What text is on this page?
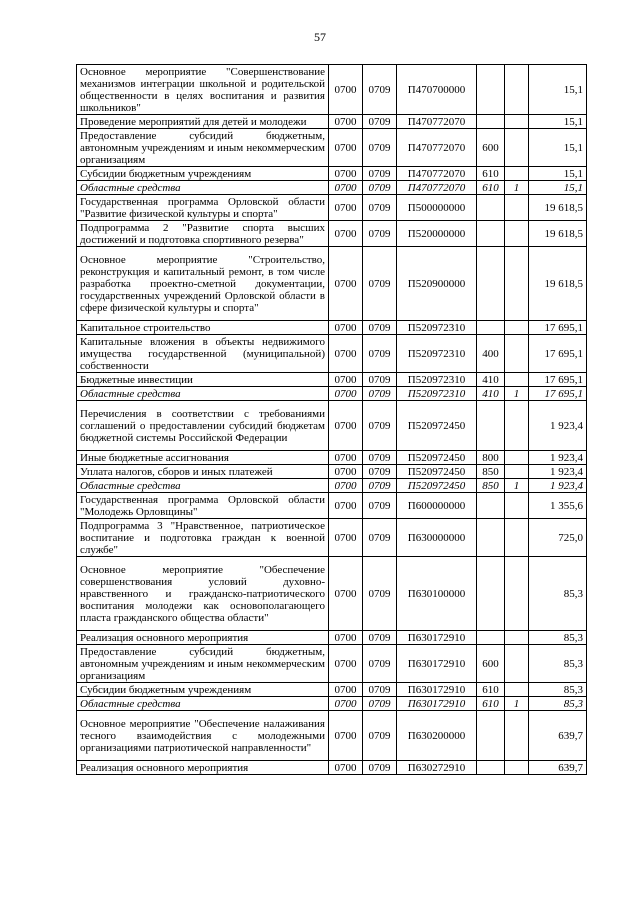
57
Основное мероприятие "Совершенствование механизмов интеграции школьной и родительской общественности в целях воспитания и развития школьников"	0700	0709	П470700000			15,1
Проведение мероприятий для детей и молодежи	0700	0709	П470772070			15,1
Предоставление субсидий бюджетным, автономным учреждениям и иным некоммерческим организациям	0700	0709	П470772070	600		15,1
Субсидии бюджетным учреждениям	0700	0709	П470772070	610		15,1
Областные средства	0700	0709	П470772070	610	1	15,1
Государственная программа Орловской области "Развитие физической культуры и спорта"	0700	0709	П500000000			19 618,5
Подпрограмма 2 "Развитие спорта высших достижений и подготовка спортивного резерва"	0700	0709	П520000000			19 618,5
Основное мероприятие "Строительство, реконструкция и капитальный ремонт, в том числе разработка проектно-сметной документации, государственных учреждений Орловской области в сфере физической культуры и спорта"	0700	0709	П520900000			19 618,5
Капитальное строительство	0700	0709	П520972310			17 695,1
Капитальные вложения в объекты недвижимого имущества государственной (муниципальной) собственности	0700	0709	П520972310	400		17 695,1
Бюджетные инвестиции	0700	0709	П520972310	410		17 695,1
Областные средства	0700	0709	П520972310	410	1	17 695,1
Перечисления в соответствии с требованиями соглашений о предоставлении субсидий бюджетам бюджетной системы Российской Федерации	0700	0709	П520972450			1 923,4
Иные бюджетные ассигнования	0700	0709	П520972450	800		1 923,4
Уплата налогов, сборов и иных платежей	0700	0709	П520972450	850		1 923,4
Областные средства	0700	0709	П520972450	850	1	1 923,4
Государственная программа Орловской области "Молодежь Орловщины"	0700	0709	П600000000			1 355,6
Подпрограмма 3 "Нравственное, патриотическое воспитание и подготовка граждан к военной службе"	0700	0709	П630000000			725,0
Основное мероприятие "Обеспечение совершенствования условий духовно-нравственного и гражданско-патриотического воспитания молодежи как основополагающего пласта гражданского общества области"	0700	0709	П630100000			85,3
Реализация основного мероприятия	0700	0709	П630172910			85,3
Предоставление субсидий бюджетным, автономным учреждениям и иным некоммерческим организациям	0700	0709	П630172910	600		85,3
Субсидии бюджетным учреждениям	0700	0709	П630172910	610		85,3
Областные средства	0700	0709	П630172910	610	1	85,3
Основное мероприятие "Обеспечение налаживания тесного взаимодействия с молодежными организациями патриотической направленности"	0700	0709	П630200000			639,7
Реализация основного мероприятия	0700	0709	П630272910			639,7
